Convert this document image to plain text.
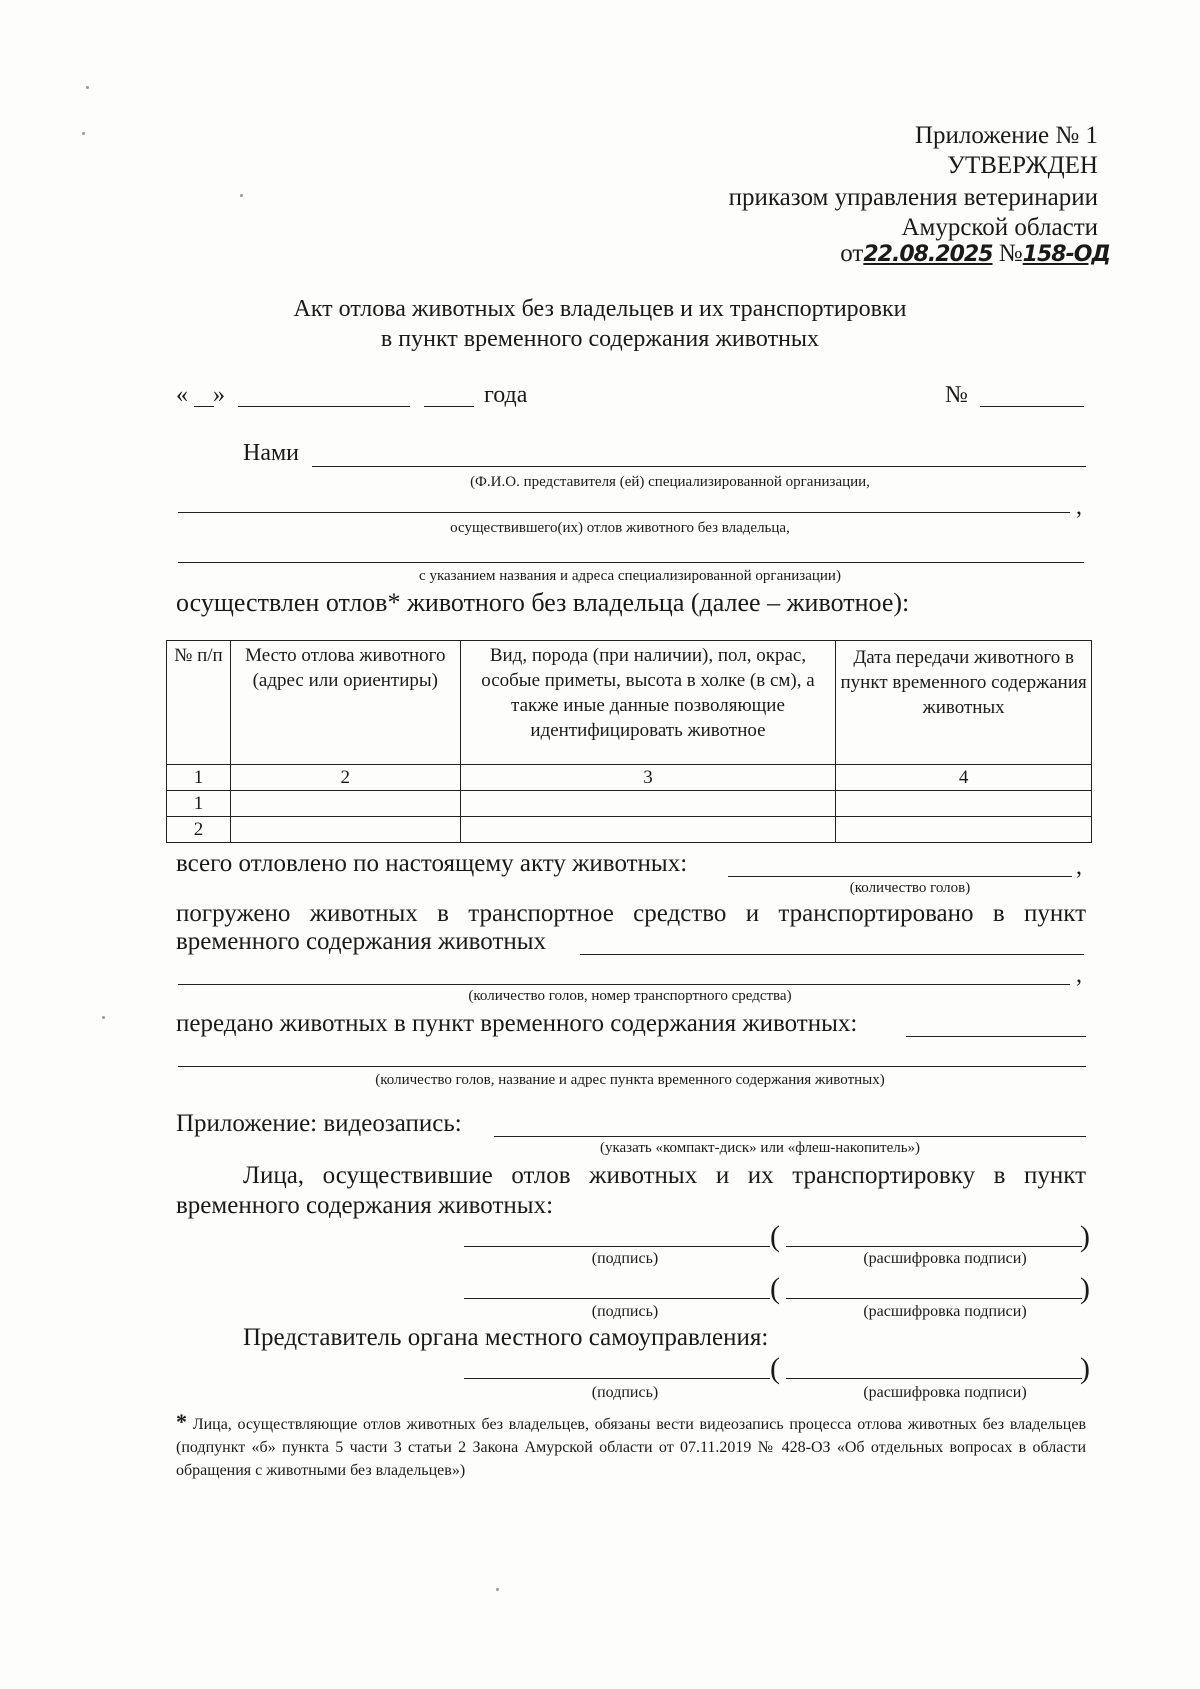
Приложение № 1
УТВЕРЖДЕН
приказом управления ветеринарии
Амурской области
от22.08.2025 №158-ОД
Акт отлова животных без владельцев и их транспортировки
в пункт временного содержания животных
« »	года	№
Нами
(Ф.И.О. представителя (ей) специализированной организации,
,
осуществившего(их) отлов животного без владельца,
с указанием названия и адреса специализированной организации)
осуществлен отлов* животного без владельца (далее – животное):
№ п/п	Место отлова животного (адрес или ориентиры)	Вид, порода (при наличии), пол, окрас, особые приметы, высота в холке (в см), а также иные данные позволяющие идентифицировать животное	Дата передачи животного в пункт временного содержания животных
1	2	3	4
1			
2			
всего отловлено по настоящему акту животных:	,
(количество голов)
погружено животных в транспортное средство и транспортировано в пункт
временного содержания животных
,
(количество голов, номер транспортного средства)
передано животных в пункт временного содержания животных:
(количество голов, название и адрес пункта временного содержания животных)
Приложение: видеозапись:
(указать «компакт-диск» или «флеш-накопитель»)
Лица, осуществившие отлов животных и их транспортировку в пункт
временного содержания животных:
(	)
(подпись)	(расшифровка подписи)
(	)
(подпись)	(расшифровка подписи)
Представитель органа местного самоуправления:
(	)
(подпись)	(расшифровка подписи)
* Лица, осуществляющие отлов животных без владельцев, обязаны вести видеозапись процесса отлова животных без владельцев (подпункт «б» пункта 5 части 3 статьи 2 Закона Амурской области от 07.11.2019 № 428-ОЗ «Об отдельных вопросах в области обращения с животными без владельцев»)
